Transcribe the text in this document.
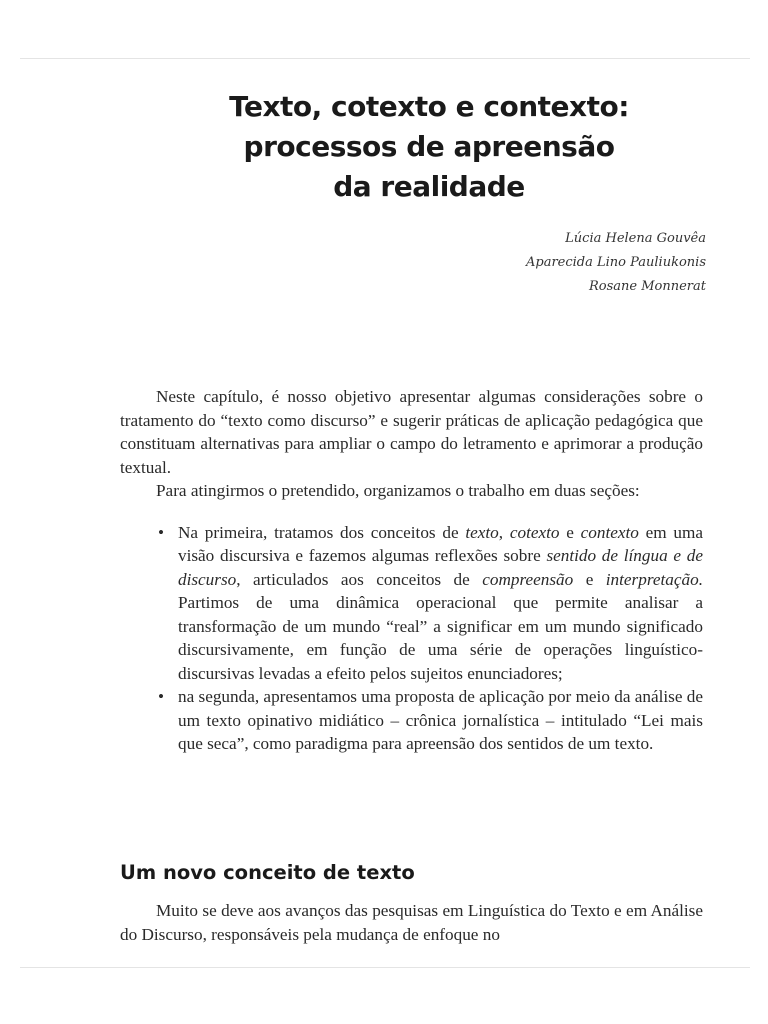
Texto, cotexto e contexto:
processos de apreensão
da realidade
Lúcia Helena Gouvêa
Aparecida Lino Pauliukonis
Rosane Monnerat

Neste capítulo, é nosso objetivo apresentar algumas considerações sobre o tratamento do “texto como discurso” e sugerir práticas de aplicação pedagógica que constituam alternativas para ampliar o campo do letramento e aprimorar a produção textual.

Para atingirmos o pretendido, organizamos o trabalho em duas seções:

• Na primeira, tratamos dos conceitos de texto, cotexto e contexto em uma visão discursiva e fazemos algumas reflexões sobre sentido de língua e de discurso, articulados aos conceitos de compreensão e interpretação. Partimos de uma dinâmica operacional que permite analisar a transformação de um mundo “real” a significar em um mundo significado discursivamente, em função de uma série de operações linguístico-discursivas levadas a efeito pelos sujeitos enunciadores;
• na segunda, apresentamos uma proposta de aplicação por meio da análise de um texto opinativo midiático – crônica jornalística – intitulado “Lei mais que seca”, como paradigma para apreensão dos sentidos de um texto.
Um novo conceito de texto

Muito se deve aos avanços das pesquisas em Linguística do Texto e em Análise do Discurso, responsáveis pela mudança de enfoque no
